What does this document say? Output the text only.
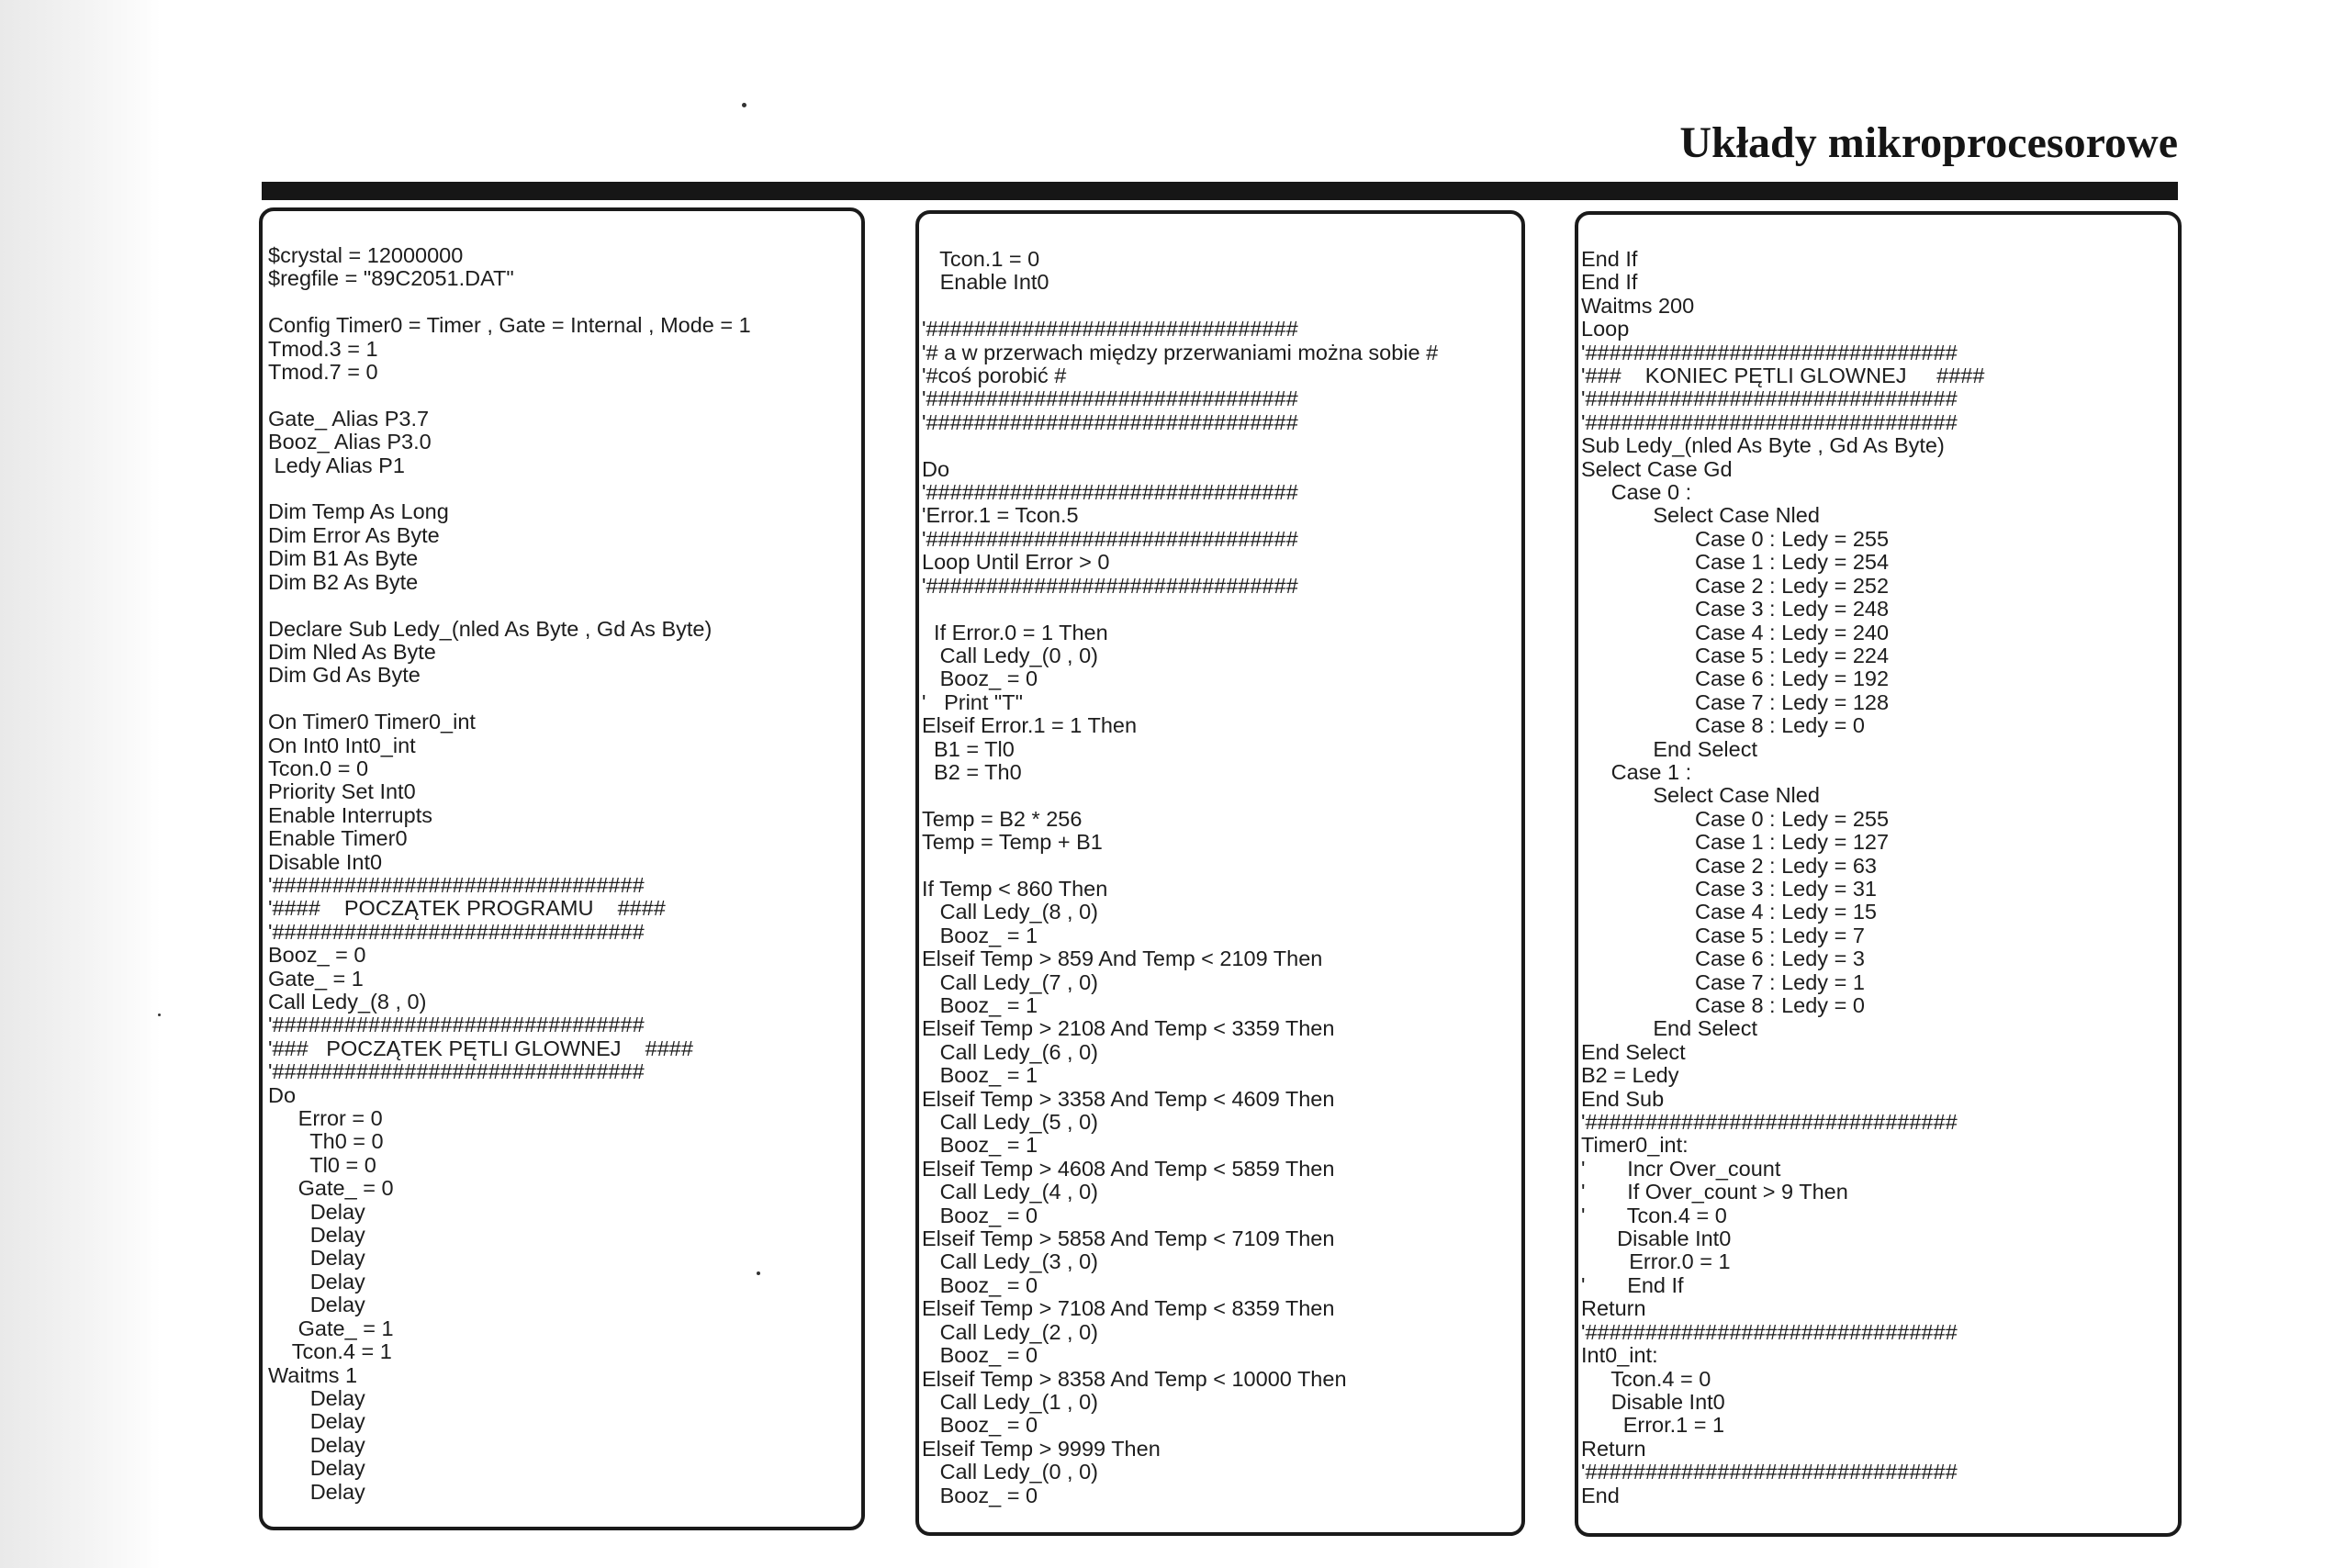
Układy mikroprocesorowe
$crystal = 12000000
$regfile = "89C2051.DAT"

Config Timer0 = Timer , Gate = Internal , Mode = 1
Tmod.3 = 1
Tmod.7 = 0

Gate_ Alias P3.7
Booz_ Alias P3.0
Ledy Alias P1

Dim Temp As Long
Dim Error As Byte
Dim B1 As Byte
Dim B2 As Byte

Declare Sub Ledy_(nled As Byte , Gd As Byte)
Dim Nled As Byte
Dim Gd As Byte

On Timer0 Timer0_int
On Int0 Int0_int
Tcon.0 = 0
Priority Set Int0
Enable Interrupts
Enable Timer0
Disable Int0
'###############################
'####    POCZĄTEK PROGRAMU    ####
'###############################
Booz_ = 0
Gate_ = 1
Call Ledy_(8 , 0)
'###############################
'###   POCZĄTEK PĘTLI GLOWNEJ    ####
'###############################
Do
Error = 0
Th0 = 0
Tl0 = 0
Gate_ = 0
Delay
Delay
Delay
Delay
Delay
Gate_ = 1
Tcon.4 = 1
Waitms 1
Delay
Delay
Delay
Delay
Delay
Tcon.1 = 0
Enable Int0

'###############################
'# a w przerwach między przerwaniami można sobie #
'#coś porobić #
'###############################
'###############################

Do
'###############################
'Error.1 = Tcon.5
'###############################
Loop Until Error > 0
'###############################

If Error.0 = 1 Then
Call Ledy_(0 , 0)
Booz_ = 0
'   Print "T"
Elseif Error.1 = 1 Then
B1 = Tl0
B2 = Th0

Temp = B2 * 256
Temp = Temp + B1

If Temp < 860 Then
Call Ledy_(8 , 0)
Booz_ = 1
Elseif Temp > 859 And Temp < 2109 Then
Call Ledy_(7 , 0)
Booz_ = 1
Elseif Temp > 2108 And Temp < 3359 Then
Call Ledy_(6 , 0)
Booz_ = 1
Elseif Temp > 3358 And Temp < 4609 Then
Call Ledy_(5 , 0)
Booz_ = 1
Elseif Temp > 4608 And Temp < 5859 Then
Call Ledy_(4 , 0)
Booz_ = 0
Elseif Temp > 5858 And Temp < 7109 Then
Call Ledy_(3 , 0)
Booz_ = 0
Elseif Temp > 7108 And Temp < 8359 Then
Call Ledy_(2 , 0)
Booz_ = 0
Elseif Temp > 8358 And Temp < 10000 Then
Call Ledy_(1 , 0)
Booz_ = 0
Elseif Temp > 9999 Then
Call Ledy_(0 , 0)
Booz_ = 0
End If
End If
Waitms 200
Loop
'###############################
'###    KONIEC PĘTLI GLOWNEJ     ####
'###############################
'###############################
Sub Ledy_(nled As Byte , Gd As Byte)
Select Case Gd
Case 0 :
Select Case Nled
Case 0 : Ledy = 255
Case 1 : Ledy = 254
Case 2 : Ledy = 252
Case 3 : Ledy = 248
Case 4 : Ledy = 240
Case 5 : Ledy = 224
Case 6 : Ledy = 192
Case 7 : Ledy = 128
Case 8 : Ledy = 0
End Select
Case 1 :
Select Case Nled
Case 0 : Ledy = 255
Case 1 : Ledy = 127
Case 2 : Ledy = 63
Case 3 : Ledy = 31
Case 4 : Ledy = 15
Case 5 : Ledy = 7
Case 6 : Ledy = 3
Case 7 : Ledy = 1
Case 8 : Ledy = 0
End Select
End Select
B2 = Ledy
End Sub
'###############################
Timer0_int:
'       Incr Over_count
'       If Over_count > 9 Then
'       Tcon.4 = 0
Disable Int0
Error.0 = 1
'       End If
Return
'###############################
Int0_int:
Tcon.4 = 0
Disable Int0
Error.1 = 1
Return
'###############################
End
